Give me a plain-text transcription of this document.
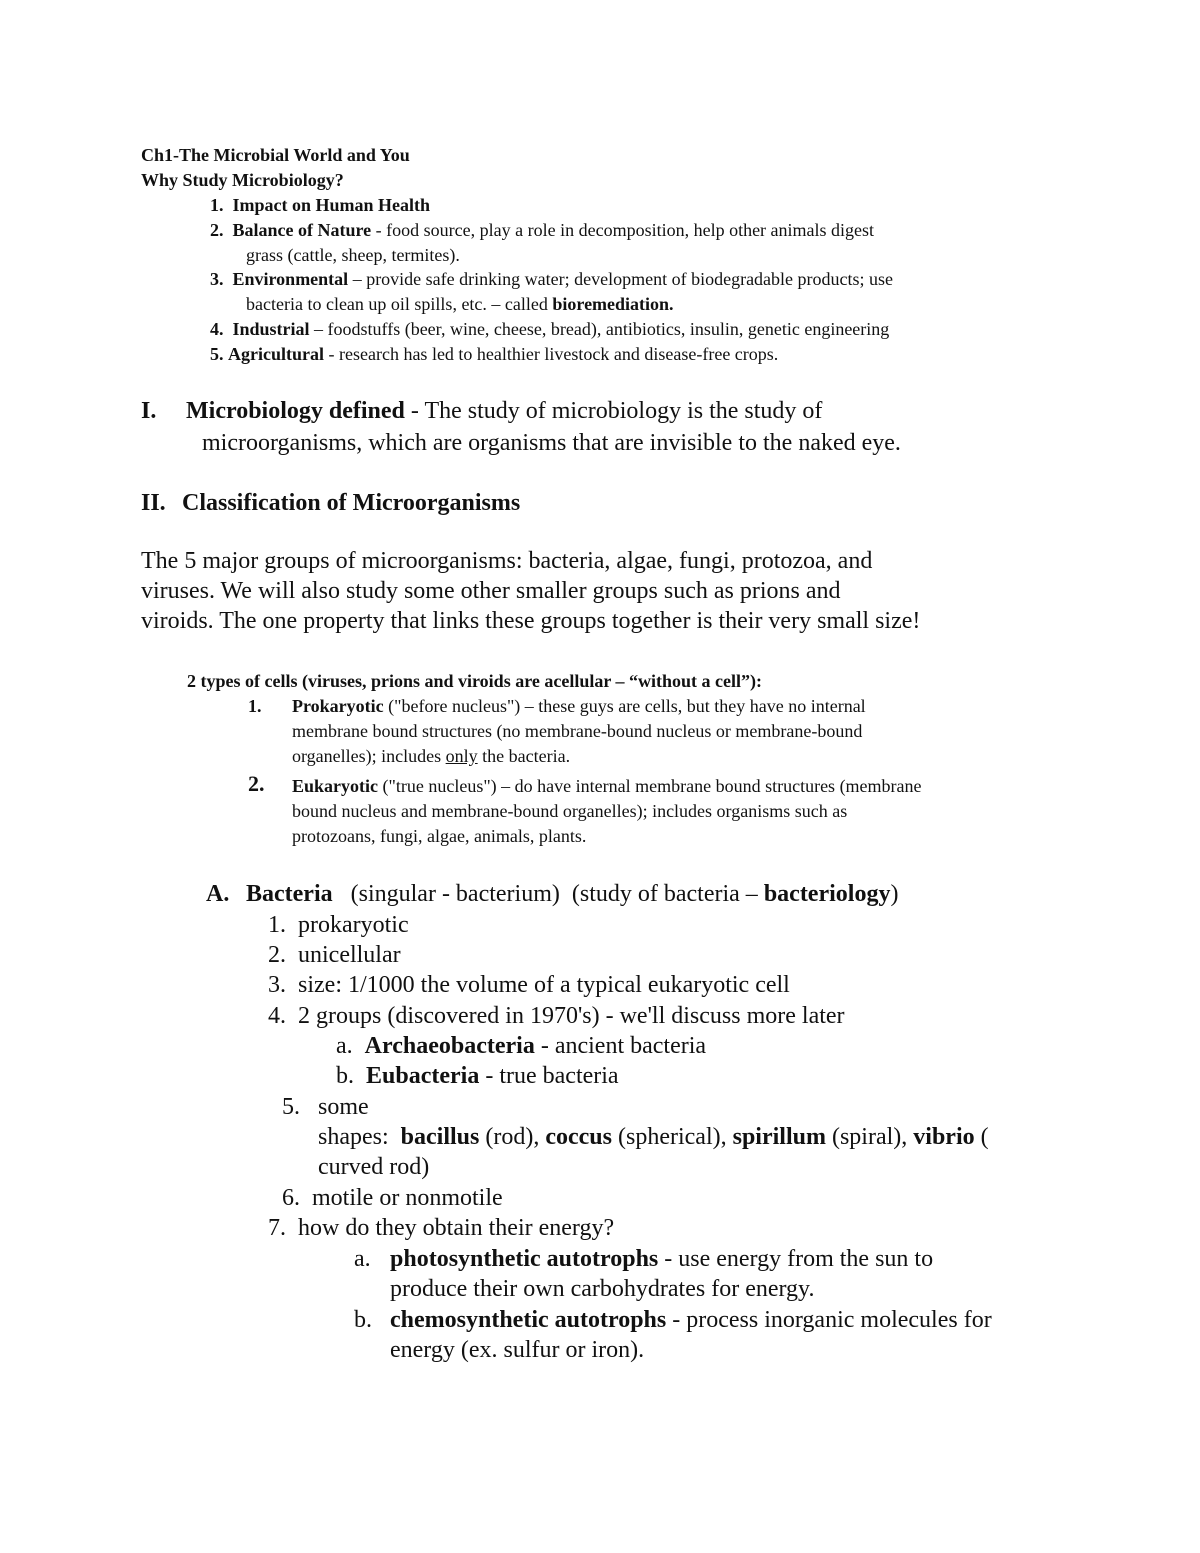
Ch1-The Microbial World and You
Why Study Microbiology?
1. Impact on Human Health
2. Balance of Nature - food source, play a role in decomposition, help other animals digest
grass (cattle, sheep, termites).
3. Environmental – provide safe drinking water; development of biodegradable products; use
bacteria to clean up oil spills, etc. – called bioremediation.
4. Industrial – foodstuffs (beer, wine, cheese, bread), antibiotics, insulin, genetic engineering
5. Agricultural - research has led to healthier livestock and disease-free crops.
I. Microbiology defined - The study of microbiology is the study of
microorganisms, which are organisms that are invisible to the naked eye.
II. Classification of Microorganisms
The 5 major groups of microorganisms: bacteria, algae, fungi, protozoa, and
viruses. We will also study some other smaller groups such as prions and
viroids. The one property that links these groups together is their very small size!
2 types of cells (viruses, prions and viroids are acellular – “without a cell”):
1. Prokaryotic ("before nucleus") – these guys are cells, but they have no internal
membrane bound structures (no membrane-bound nucleus or membrane-bound
organelles); includes only the bacteria.
2. Eukaryotic ("true nucleus") – do have internal membrane bound structures (membrane
bound nucleus and membrane-bound organelles); includes organisms such as
protozoans, fungi, algae, animals, plants.
A. Bacteria   (singular - bacterium)  (study of bacteria – bacteriology)
1. prokaryotic
2. unicellular
3. size: 1/1000 the volume of a typical eukaryotic cell
4. 2 groups (discovered in 1970's) - we'll discuss more later
a. Archaeobacteria - ancient bacteria
b. Eubacteria - true bacteria
5. some
shapes:  bacillus (rod), coccus (spherical), spirillum (spiral), vibrio (
curved rod)
6. motile or nonmotile
7. how do they obtain their energy?
a. photosynthetic autotrophs - use energy from the sun to
produce their own carbohydrates for energy.
b. chemosynthetic autotrophs - process inorganic molecules for
energy (ex. sulfur or iron).
